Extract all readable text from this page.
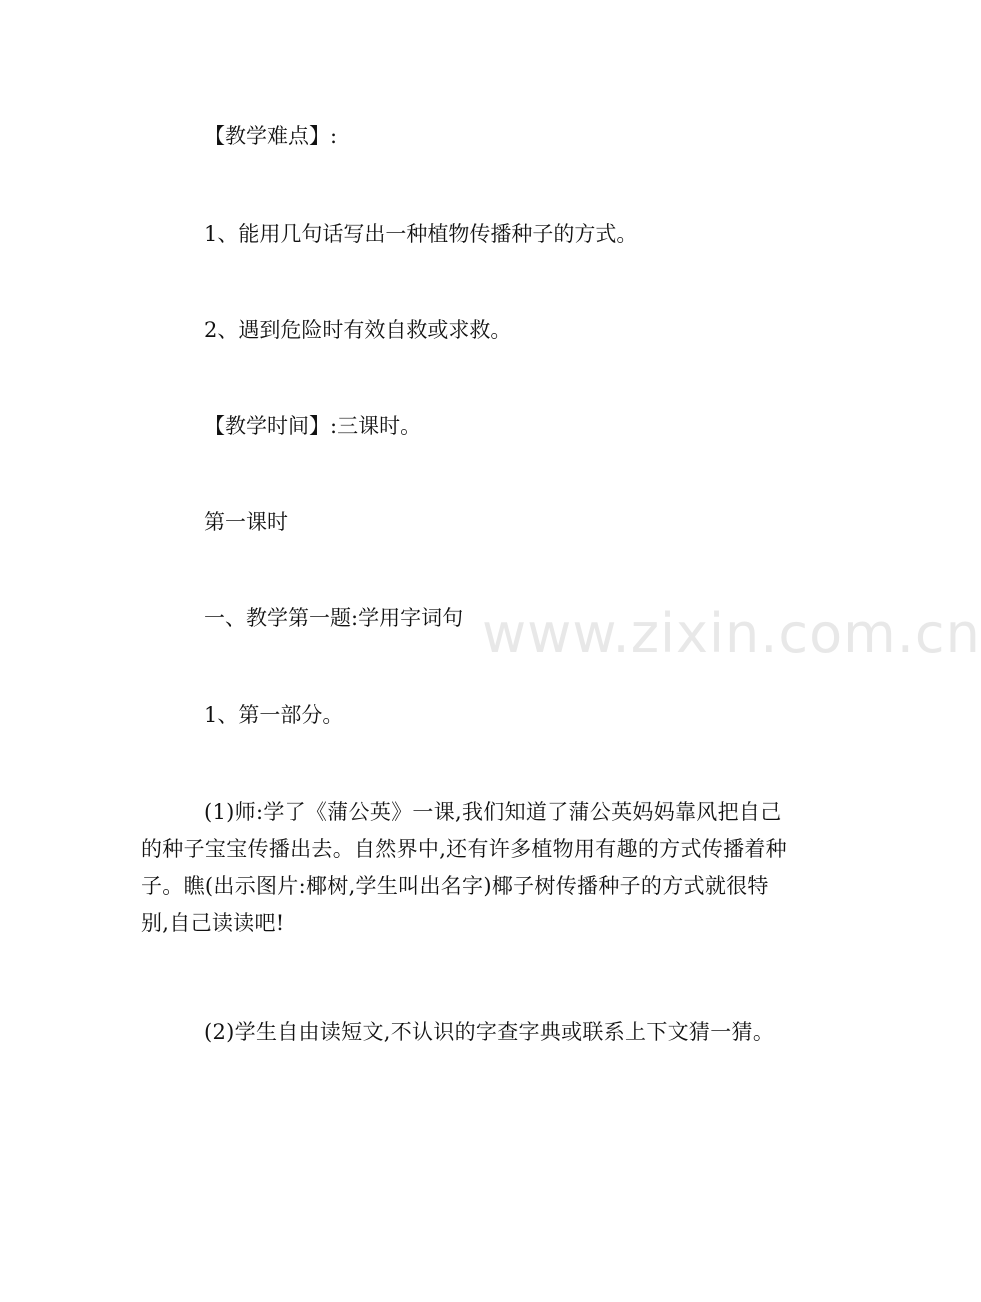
www.zixin.com.cn

【教学难点】:

1、能用几句话写出一种植物传播种子的方式。

2、遇到危险时有效自救或求救。

【教学时间】:三课时。

第一课时

一、教学第一题:学用字词句

1、第一部分。

(1)师:学了《蒲公英》一课,我们知道了蒲公英妈妈靠风把自己的种子宝宝传播出去。自然界中,还有许多植物用有趣的方式传播着种子。瞧(出示图片:椰树,学生叫出名字)椰子树传播种子的方式就很特别,自己读读吧!

(2)学生自由读短文,不认识的字查字典或联系上下文猜一猜。
